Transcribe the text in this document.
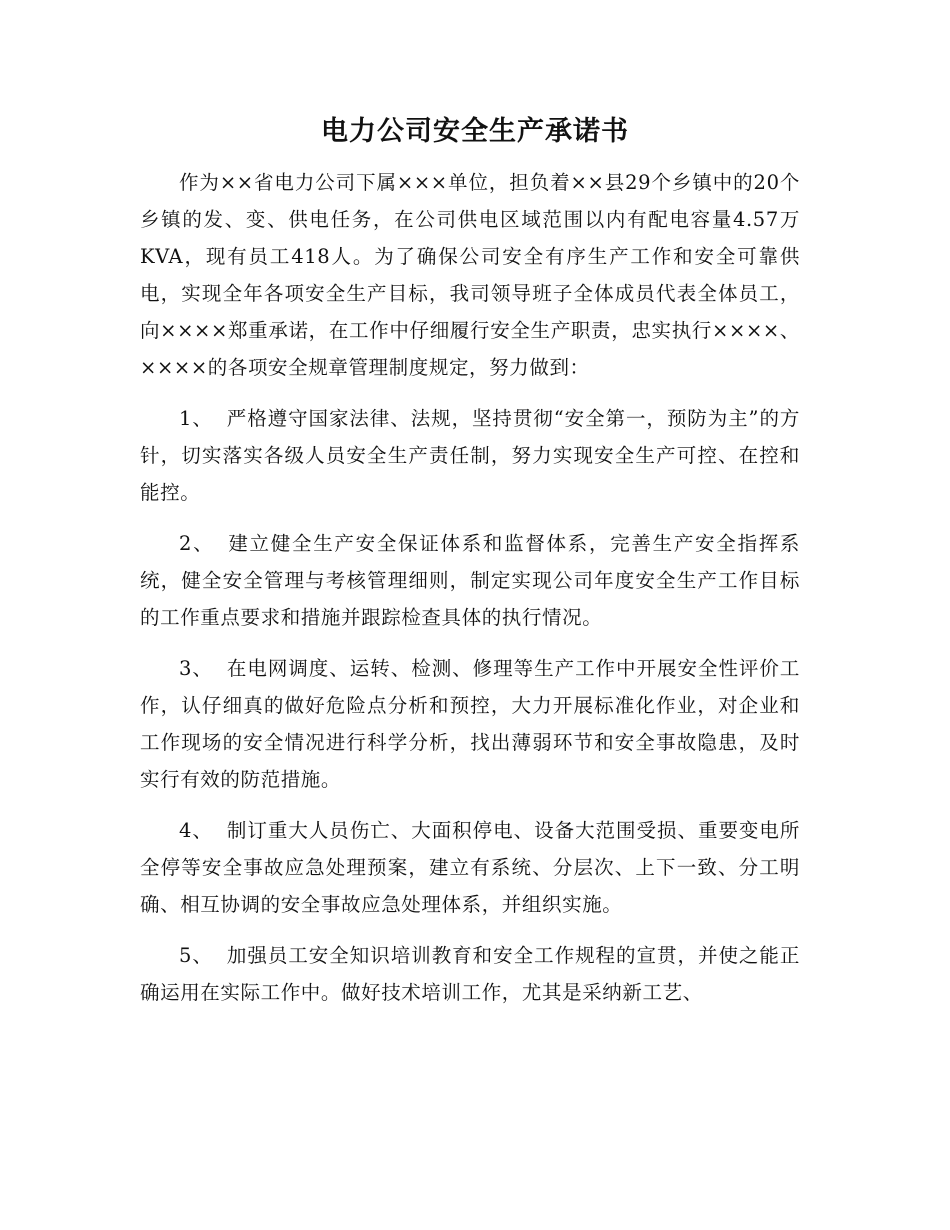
电力公司安全生产承诺书

作为××省电力公司下属×××单位，担负着××县29个乡镇中的20个乡镇的发、变、供电任务，在公司供电区域范围以内有配电容量4.57万KVA，现有员工418人。为了确保公司安全有序生产工作和安全可靠供电，实现全年各项安全生产目标，我司领导班子全体成员代表全体员工，向××××郑重承诺，在工作中仔细履行安全生产职责，忠实执行××××、××××的各项安全规章管理制度规定，努力做到：

1、 严格遵守国家法律、法规，坚持贯彻“安全第一，预防为主”的方针，切实落实各级人员安全生产责任制，努力实现安全生产可控、在控和能控。

2、 建立健全生产安全保证体系和监督体系，完善生产安全指挥系统，健全安全管理与考核管理细则，制定实现公司年度安全生产工作目标的工作重点要求和措施并跟踪检查具体的执行情况。

3、 在电网调度、运转、检测、修理等生产工作中开展安全性评价工作，认仔细真的做好危险点分析和预控，大力开展标准化作业，对企业和工作现场的安全情况进行科学分析，找出薄弱环节和安全事故隐患，及时实行有效的防范措施。

4、 制订重大人员伤亡、大面积停电、设备大范围受损、重要变电所全停等安全事故应急处理预案，建立有系统、分层次、上下一致、分工明确、相互协调的安全事故应急处理体系，并组织实施。

5、 加强员工安全知识培训教育和安全工作规程的宣贯，并使之能正确运用在实际工作中。做好技术培训工作，尤其是采纳新工艺、
